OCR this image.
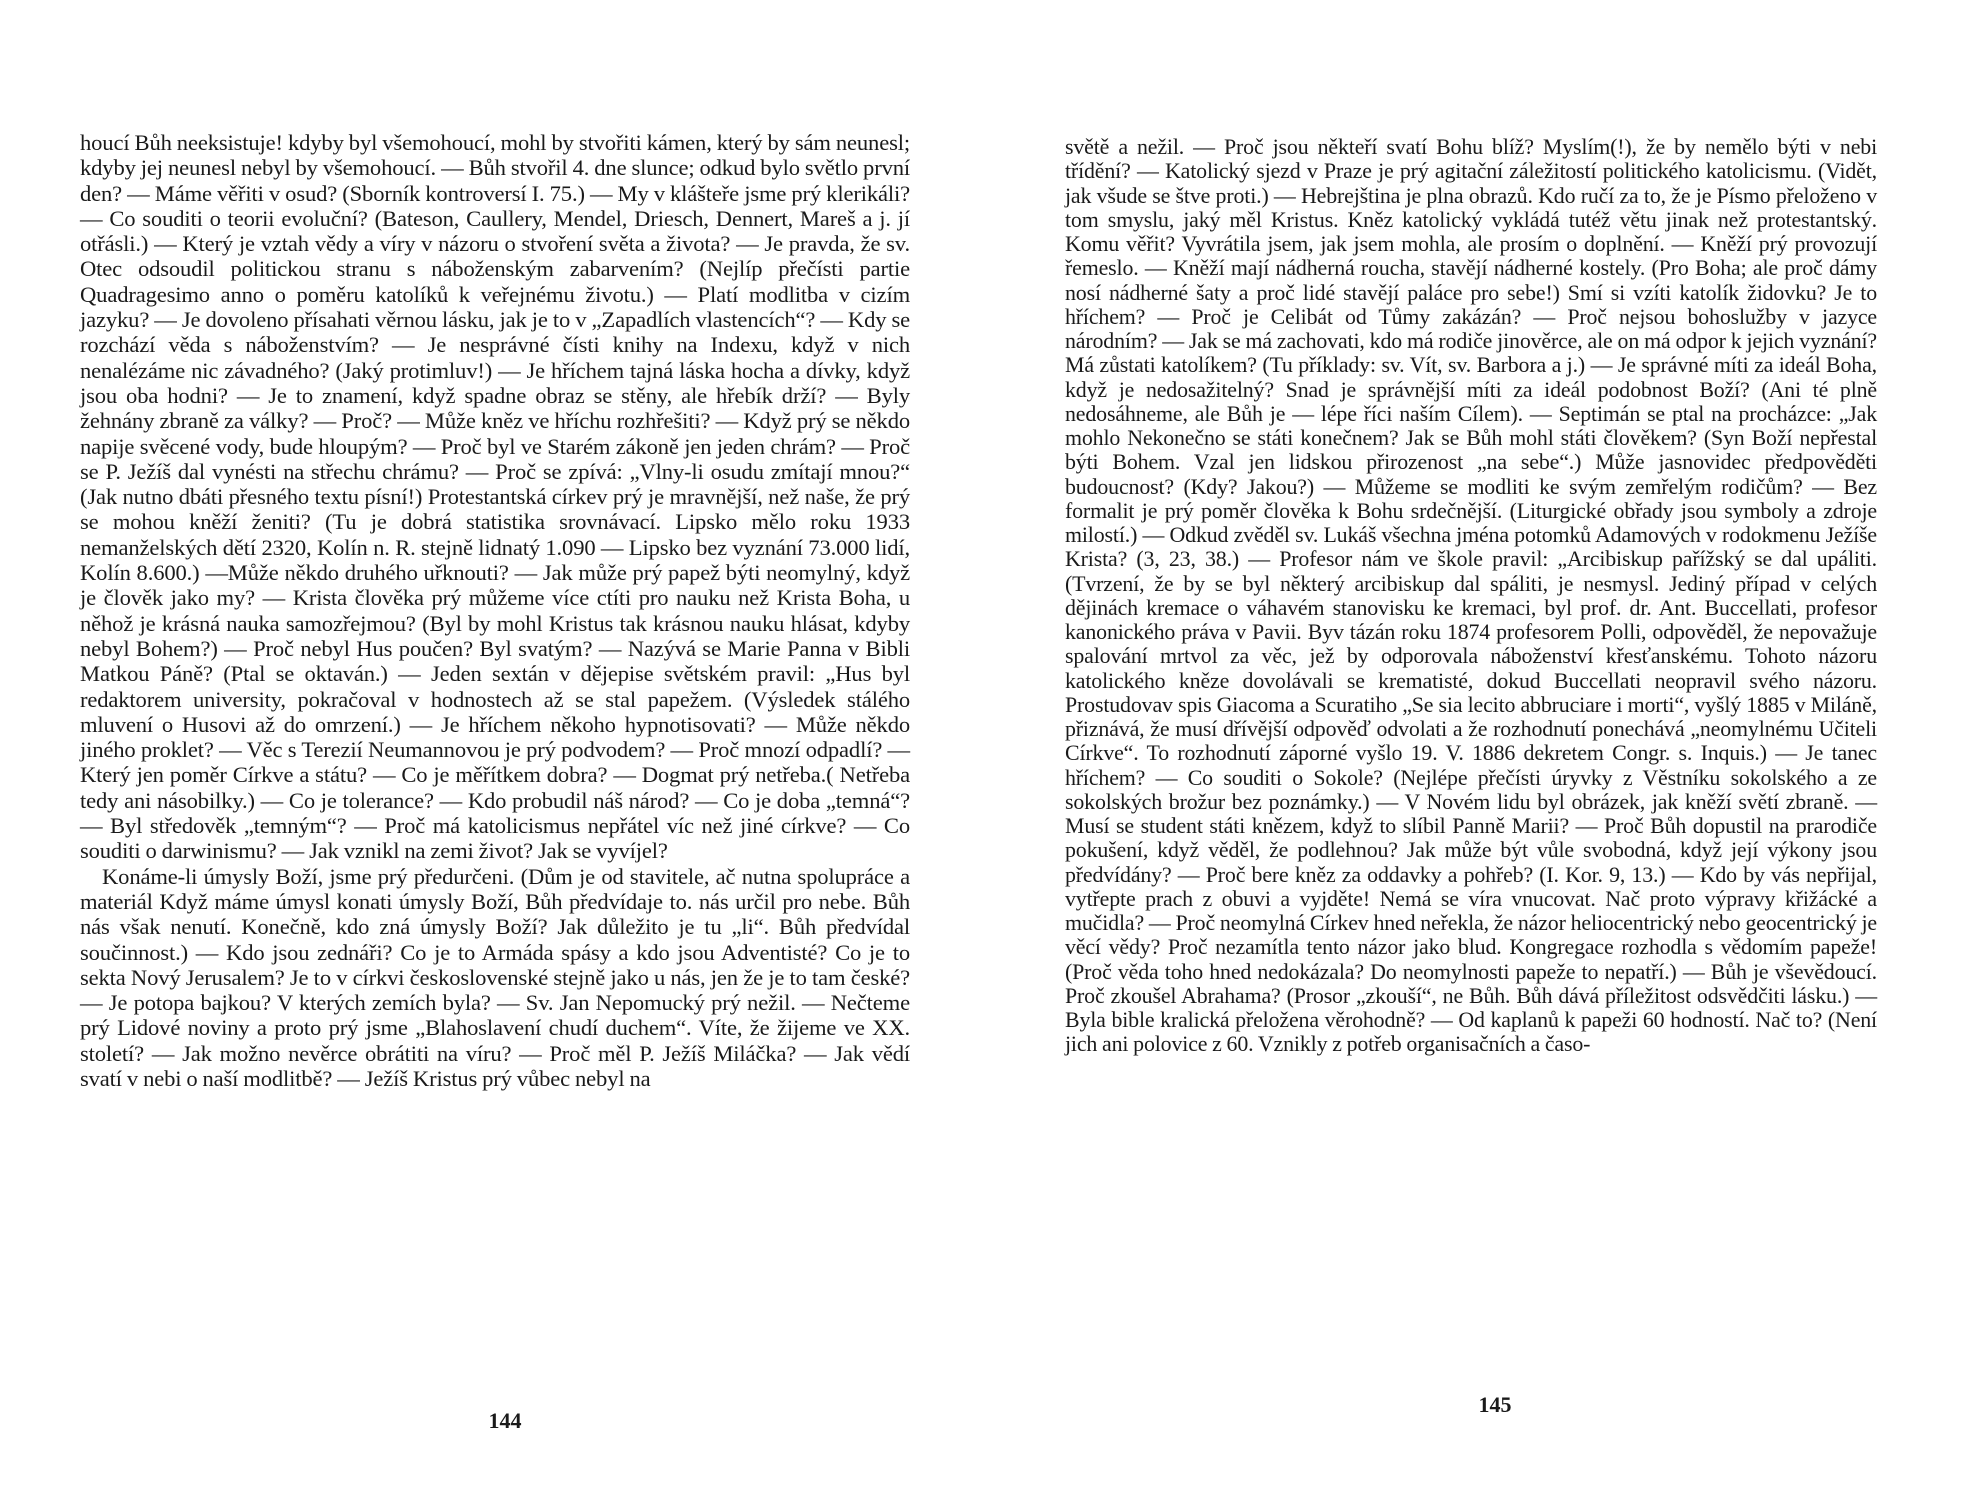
houcí Bůh neeksistuje! kdyby byl všemohoucí, mohl by stvořiti kámen, který by sám neunesl; kdyby jej neunesl nebyl by všemohoucí. — Bůh stvořil 4. dne slunce; odkud bylo světlo první den? — Máme věřiti v osud? (Sborník kontroversí I. 75.) — My v klášteře jsme prý klerikáli? — Co souditi o teorii evoluční? (Bateson, Caullery, Mendel, Driesch, Dennert, Mareš a j. jí otřásli.) — Který je vztah vědy a víry v názoru o stvoření světa a života? — Je pravda, že sv. Otec odsoudil politickou stranu s náboženským zabarvením? (Nejlíp přečísti partie Quadragesimo anno o poměru katolíků k veřejnému životu.) — Platí modlitba v cizím jazyku? — Je dovoleno přísahati věrnou lásku, jak je to v „Zapadlích vlastencích“? — Kdy se rozchází věda s náboženstvím? — Je nesprávné čísti knihy na Indexu, když v nich nenalézáme nic závadného? (Jaký protimluv!) — Je hříchem tajná láska hocha a dívky, když jsou oba hodni? — Je to znamení, když spadne obraz se stěny, ale hřebík drží? — Byly žehnány zbraně za války? — Proč? — Může kněz ve hříchu rozhřešiti? — Když prý se někdo napije svěcené vody, bude hloupým? — Proč byl ve Starém zákoně jen jeden chrám? — Proč se P. Ježíš dal vynésti na střechu chrámu? — Proč se zpívá: „Vlny-li osudu zmítají mnou?“ (Jak nutno dbáti přesného textu písní!) Protestantská církev prý je mravnější, než naše, že prý se mohou kněží ženiti? (Tu je dobrá statistika srovnávací. Lipsko mělo roku 1933 nemanželských dětí 2320, Kolín n. R. stejně lidnatý 1.090 — Lipsko bez vyznání 73.000 lidí, Kolín 8.600.) —Může někdo druhého uřknouti? — Jak může prý papež býti neomylný, když je člověk jako my? — Krista člověka prý můžeme více ctíti pro nauku než Krista Boha, u něhož je krásná nauka samozřejmou? (Byl by mohl Kristus tak krásnou nauku hlásat, kdyby nebyl Bohem?) — Proč nebyl Hus poučen? Byl svatým? — Nazývá se Marie Panna v Bibli Matkou Páně? (Ptal se oktaván.) — Jeden sextán v dějepise světském pravil: „Hus byl redaktorem university, pokračoval v hodnostech až se stal papežem. (Výsledek stálého mluvení o Husovi až do omrzení.) — Je hříchem někoho hypnotisovati? — Může někdo jiného proklet? — Věc s Terezií Neumannovou je prý podvodem? — Proč mnozí odpadlí? — Který jen poměr Církve a státu? — Co je měřítkem dobra? — Dogmat prý netřeba.( Netřeba tedy ani násobilky.) — Co je tolerance? — Kdo probudil náš národ? — Co je doba „temná“? — Byl středověk „temným“? — Proč má katolicismus nepřátel víc než jiné církve? — Co souditi o darwinismu? — Jak vznikl na zemi život? Jak se vyvíjel?

Konáme-li úmysly Boží, jsme prý předurčeni. (Dům je od stavitele, ač nutna spolupráce a materiál Když máme úmysl konati úmysly Boží, Bůh předvídaje to. nás určil pro nebe. Bůh nás však nenutí. Konečně, kdo zná úmysly Boží? Jak důležito je tu „li“. Bůh předvídal součinnost.) — Kdo jsou zednáři? Co je to Armáda spásy a kdo jsou Adventisté? Co je to sekta Nový Jerusalem? Je to v církvi československé stejně jako u nás, jen že je to tam české? — Je potopa bajkou? V kterých zemích byla? — Sv. Jan Nepomucký prý nežil. — Nečteme prý Lidové noviny a proto prý jsme „Blahoslavení chudí duchem“. Víte, že žijeme ve XX. století? — Jak možno nevěrce obrátiti na víru? — Proč měl P. Ježíš Miláčka? — Jak vědí svatí v nebi o naší modlitbě? — Ježíš Kristus prý vůbec nebyl na

144

světě a nežil. — Proč jsou někteří svatí Bohu blíž? Myslím(!), že by nemělo býti v nebi třídění? — Katolický sjezd v Praze je prý agitační záležitostí politického katolicismu. (Vidět, jak všude se štve proti.) — Hebrejština je plna obrazů. Kdo ručí za to, že je Písmo přeloženo v tom smyslu, jaký měl Kristus. Kněz katolický vykládá tutéž větu jinak než protestantský. Komu věřit? Vyvrátila jsem, jak jsem mohla, ale prosím o doplnění. — Kněží prý provozují řemeslo. — Kněží mají nádherná roucha, stavějí nádherné kostely. (Pro Boha; ale proč dámy nosí nádherné šaty a proč lidé stavějí paláce pro sebe!) Smí si vzíti katolík židovku? Je to hříchem? — Proč je Celibát od Tůmy zakázán? — Proč nejsou bohoslužby v jazyce národním? — Jak se má zachovati, kdo má rodiče jinověrce, ale on má odpor k jejich vyznání? Má zůstati katolíkem? (Tu příklady: sv. Vít, sv. Barbora a j.) — Je správné míti za ideál Boha, když je nedosažitelný? Snad je správnější míti za ideál podobnost Boží? (Ani té plně nedosáhneme, ale Bůh je — lépe říci naším Cílem). — Septimán se ptal na procházce: „Jak mohlo Nekonečno se státi konečnem? Jak se Bůh mohl státi člověkem? (Syn Boží nepřestal býti Bohem. Vzal jen lidskou přirozenost „na sebe“.) Může jasnovidec předpověděti budoucnost? (Kdy? Jakou?) — Můžeme se modliti ke svým zemřelým rodičům? — Bez formalit je prý poměr člověka k Bohu srdečnější. (Liturgické obřady jsou symboly a zdroje milostí.) — Odkud zvěděl sv. Lukáš všechna jména potomků Adamových v rodokmenu Ježíše Krista? (3, 23, 38.) — Profesor nám ve škole pravil: „Arcibiskup pařížský se dal upáliti. (Tvrzení, že by se byl některý arcibiskup dal spáliti, je nesmysl. Jediný případ v celých dějinách kremace o váhavém stanovisku ke kremaci, byl prof. dr. Ant. Buccellati, profesor kanonického práva v Pavii. Byv tázán roku 1874 profesorem Polli, odpověděl, že nepovažuje spalování mrtvol za věc, jež by odporovala náboženství křesťanskému. Tohoto názoru katolického kněze dovolávali se krematisté, dokud Buccellati neopravil svého názoru. Prostudovav spis Giacoma a Scuratiho „Se sia lecito abbruciare i morti“, vyšlý 1885 v Miláně, přiznává, že musí dřívější odpověď odvolati a že rozhodnutí ponechává „neomylnému Učiteli Církve“. To rozhodnutí záporné vyšlo 19. V. 1886 dekretem Congr. s. Inquis.) — Je tanec hříchem? — Co souditi o Sokole? (Nejlépe přečísti úryvky z Věstníku sokolského a ze sokolských brožur bez poznámky.) — V Novém lidu byl obrázek, jak kněží světí zbraně. — Musí se student státi knězem, když to slíbil Panně Marii? — Proč Bůh dopustil na prarodiče pokušení, když věděl, že podlehnou? Jak může být vůle svobodná, když její výkony jsou předvídány? — Proč bere kněz za oddavky a pohřeb? (I. Kor. 9, 13.) — Kdo by vás nepřijal, vytřepte prach z obuvi a vyjděte! Nemá se víra vnucovat. Nač proto výpravy křižácké a mučidla? — Proč neomylná Církev hned neřekla, že názor heliocentrický nebo geocentrický je věcí vědy? Proč nezamítla tento názor jako blud. Kongregace rozhodla s vědomím papeže! (Proč věda toho hned nedokázala? Do neomylnosti papeže to nepatří.) — Bůh je vševědoucí. Proč zkoušel Abrahama? (Prosor „zkouší“, ne Bůh. Bůh dává příležitost odsvědčiti lásku.) — Byla bible kralická přeložena věrohodně? — Od kaplanů k papeži 60 hodností. Nač to? (Není jich ani polovice z 60. Vznikly z potřeb organisačních a časo-

145
